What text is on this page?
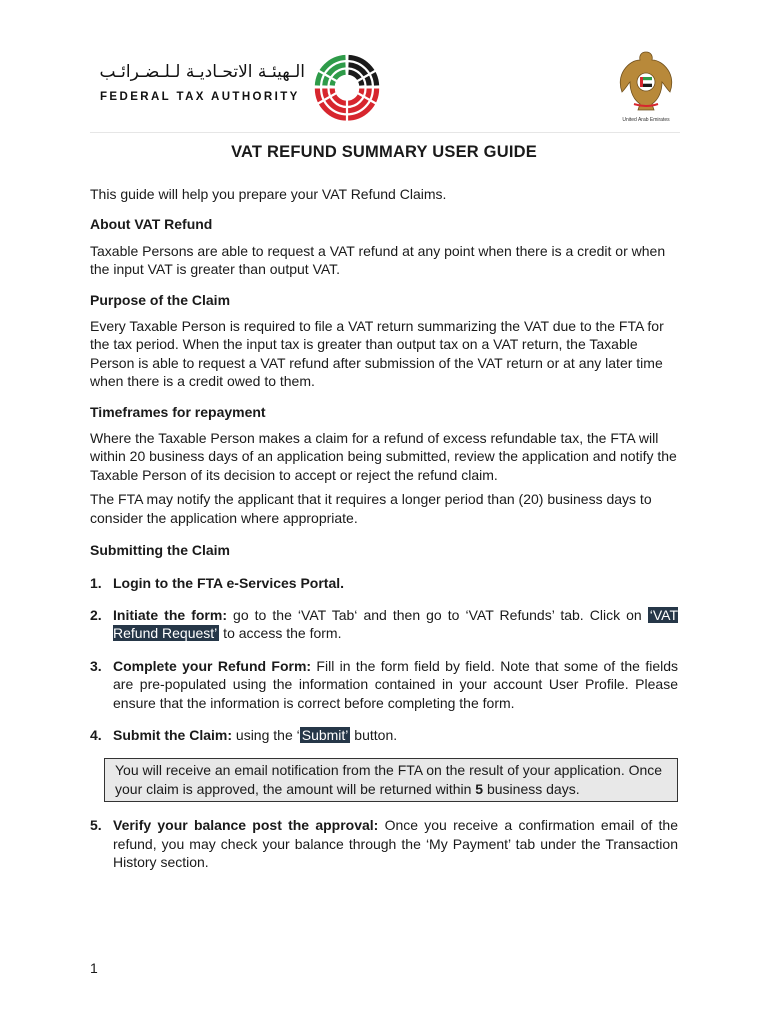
الـهيئـة الاتحـاديـة لـلـضـرائـب
FEDERAL TAX AUTHORITY
United Arab Emirates
VAT REFUND SUMMARY USER GUIDE

This guide will help you prepare your VAT Refund Claims.

About VAT Refund

Taxable Persons are able to request a VAT refund at any point when there is a credit or when the input VAT is greater than output VAT.

Purpose of the Claim

Every Taxable Person is required to file a VAT return summarizing the VAT due to the FTA for the tax period. When the input tax is greater than output tax on a VAT return, the Taxable Person is able to request a VAT refund after submission of the VAT return or at any later time when there is a credit owed to them.

Timeframes for repayment

Where the Taxable Person makes a claim for a refund of excess refundable tax, the FTA will within 20 business days of an application being submitted, review the application and notify the Taxable Person of its decision to accept or reject the refund claim.

The FTA may notify the applicant that it requires a longer period than (20) business days to consider the application where appropriate.

Submitting the Claim

1. Login to the FTA e-Services Portal.
2. Initiate the form: go to the ‘VAT Tab‘ and then go to ‘VAT Refunds’ tab. Click on ‘VAT Refund Request’ to access the form.
3. Complete your Refund Form: Fill in the form field by field. Note that some of the fields are pre-populated using the information contained in your account User Profile. Please ensure that the information is correct before completing the form.
4. Submit the Claim: using the ‘ Submit’ button.
You will receive an email notification from the FTA on the result of your application. Once your claim is approved, the amount will be returned within 5 business days.
5. Verify your balance post the approval: Once you receive a confirmation email of the refund, you may check your balance through the ‘My Payment’ tab under the Transaction History section.
1
